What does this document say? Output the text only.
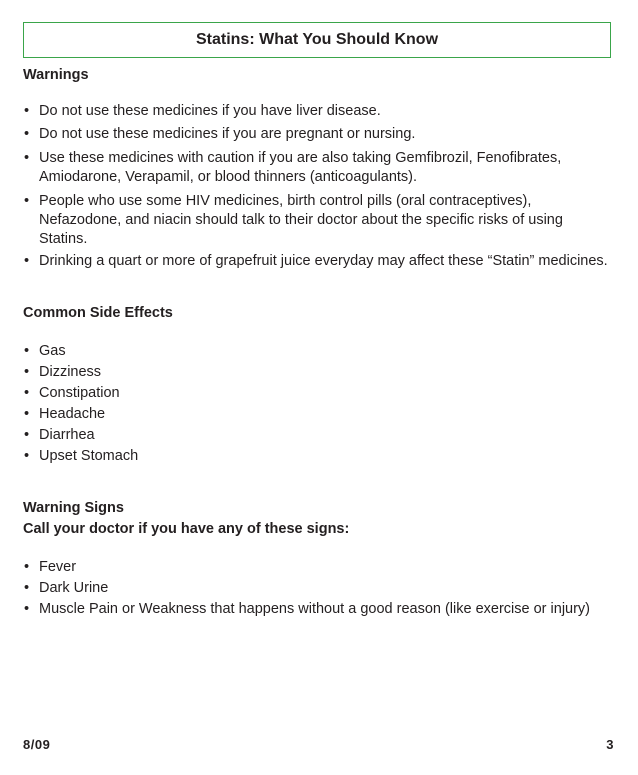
Statins: What You Should Know
Warnings
• Do not use these medicines if you have liver disease.
• Do not use these medicines if you are pregnant or nursing.
• Use these medicines with caution if you are also taking Gemfibrozil, Fenofibrates, Amiodarone, Verapamil, or blood thinners (anticoagulants).
• People who use some HIV medicines, birth control pills (oral contraceptives), Nefazodone, and niacin should talk to their doctor about the specific risks of using Statins.
• Drinking a quart or more of grapefruit juice everyday may affect these “Statin” medicines.
Common Side Effects
• Gas
• Dizziness
• Constipation
• Headache
• Diarrhea
• Upset Stomach
Warning Signs
Call your doctor if you have any of these signs:
• Fever
• Dark Urine
• Muscle Pain or Weakness that happens without a good reason (like exercise or injury)
8/09	3
